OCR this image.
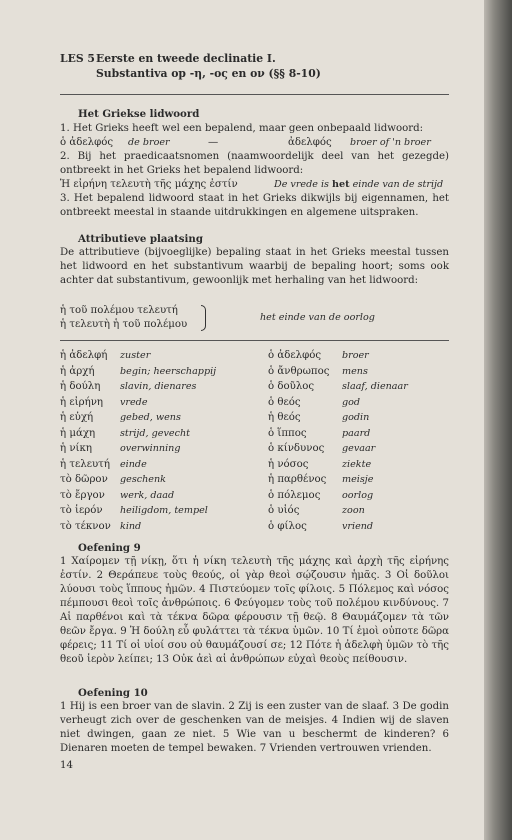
LES 5 Eerste en tweede declinatie I.
Substantiva op -η, -ος en ον (§§ 8-10)
Het Griekse lidwoord

1. Het Grieks heeft wel een bepalend, maar geen onbepaald lidwoord:

ὁ ἀδελφός de broer	—	ἀδελφός broer of 'n broer

2. Bij het praedicaatsnomen (naamwoordelijk deel van het gezegde) ontbreekt in het Grieks het bepalend lidwoord:

Ἡ εἰρήνη τελευτὴ τῆς μάχης ἐστίν	De vrede is het einde van de strijd

3. Het bepalend lidwoord staat in het Grieks dikwijls bij eigennamen, het ontbreekt meestal in staande uitdrukkingen en algemene uitspraken.

Attributieve plaatsing

De attributieve (bijvoeglijke) bepaling staat in het Grieks meestal tussen het lidwoord en het substantivum waarbij de bepaling hoort; soms ook achter dat substantivum, gewoonlijk met herhaling van het lidwoord:

ἡ τοῦ πολέμου τελευτή
ἡ τελευτὴ ἡ τοῦ πολέμου
het einde van de oorlog
ἡ ἀδελφή zuster
ἡ ἀρχή	begin; heerschappij
ἡ δούλη slavin, dienares
ἡ εἰρήνη vrede
ἡ εὐχή	gebed, wens
ἡ μάχη	strijd, gevecht
ἡ νίκη	overwinning
ἡ τελευτή einde
τὸ δῶρον geschenk
τὸ ἔργον werk, daad
τὸ ἱερόν heiligdom, tempel
τὸ τέκνον kind
ὁ ἀδελφός broer
ὁ ἄνθρωπος mens
ὁ δοῦλος	slaaf, dienaar
ὁ θεός	god
ἡ θεός	godin
ὁ ἵππος	paard
ὁ κίνδυνος gevaar
ἡ νόσος	ziekte
ἡ παρθένος meisje
ὁ πόλεμος oorlog
ὁ υἱός	zoon
ὁ φίλος	vriend
Oefening 9

1 Χαίρομεν τῇ νίκῃ, ὅτι ἡ νίκη τελευτὴ τῆς μάχης καὶ ἀρχὴ τῆς εἰρήνης ἐστίν. 2 Θεράπευε τοὺς θεούς, οἱ γὰρ θεοὶ σῴζουσιν ἡμᾶς. 3 Οἱ δοῦλοι λύουσι τοὺς ἵππους ἡμῶν. 4 Πιστεύομεν τοῖς φίλοις. 5 Πόλεμος καὶ νόσος πέμπουσι θεοὶ τοῖς ἀνθρώποις. 6 Φεύγομεν τοὺς τοῦ πολέμου κινδύνους. 7 Αἱ παρθένοι καὶ τὰ τέκνα δῶρα φέρουσιν τῇ θεῷ. 8 Θαυμάζομεν τὰ τῶν θεῶν ἔργα. 9 Ἡ δούλη εὖ φυλάττει τὰ τέκνα ὑμῶν. 10 Τί ἐμοὶ οὐποτε δῶρα φέρεις; 11 Τί οἱ υἱοί σου οὐ θαυμάζουσί σε; 12 Πότε ἡ ἀδελφὴ ὑμῶν τὸ τῆς θεοῦ ἱερὸν λείπει; 13 Οὐκ ἀεὶ αἱ ἀνθρώπων εὐχαὶ θεοὺς πείθουσιν.

Oefening 10

1 Hij is een broer van de slavin. 2 Zij is een zuster van de slaaf. 3 De godin verheugt zich over de geschenken van de meisjes. 4 Indien wij de slaven niet dwingen, gaan ze niet. 5 Wie van u beschermt de kinderen? 6 Dienaren moeten de tempel bewaken. 7 Vrienden vertrouwen vrienden.

14
